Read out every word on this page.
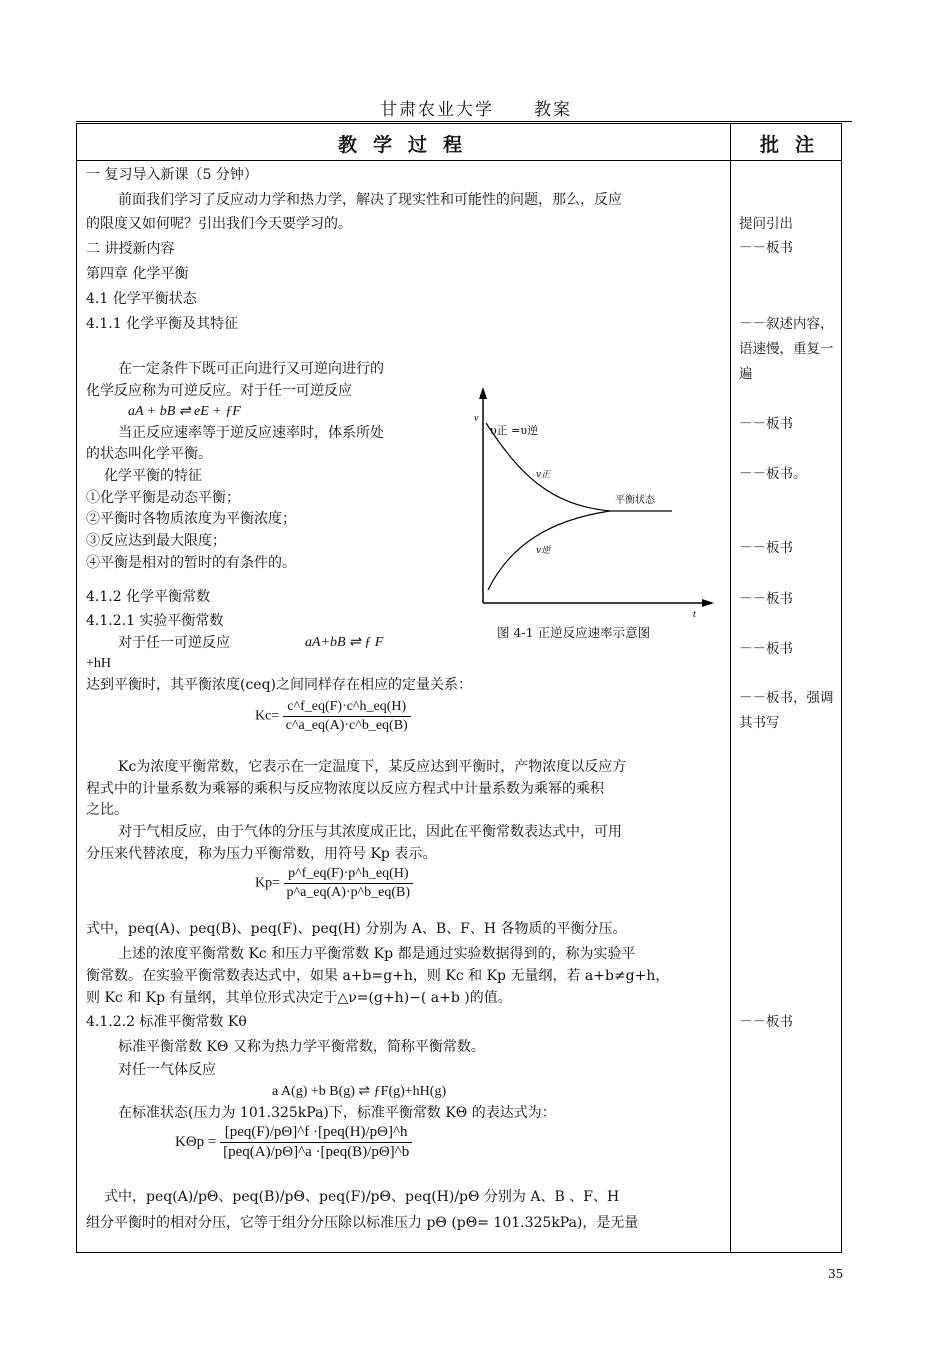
甘肃农业大学 教案
教学过程	批注
一 复习导入新课（5 分钟）
前面我们学习了反应动力学和热力学，解决了现实性和可能性的问题，那么，反应
的限度又如何呢？引出我们今天要学习的。
二 讲授新内容
第四章 化学平衡
4.1 化学平衡状态
4.1.1 化学平衡及其特征
在一定条件下既可正向进行又可逆向进行的
化学反应称为可逆反应。对于任一可逆反应
aA + bB ⇌ eE + ƒF
当正反应速率等于逆反应速率时，体系所处
的状态叫化学平衡。
化学平衡的特征
①化学平衡是动态平衡；
②平衡时各物质浓度为平衡浓度；
③反应达到最大限度；
④平衡是相对的暂时的有条件的。
4.1.2 化学平衡常数
4.1.2.1 实验平衡常数
对于任一可逆反应	aA+bB ⇌ ƒ F
+hH
达到平衡时，其平衡浓度(ceq)之间同样存在相应的定量关系：
$Kc= \frac{c\^{}f\_eq(F)\cdot c\^{}h\_eq(H)}{c\^{}a\_eq(A)\cdot c\^{}b\_eq(B)}$
Kc为浓度平衡常数，它表示在一定温度下，某反应达到平衡时，产物浓度以反应方
程式中的计量系数为乘幂的乘积与反应物浓度以反应方程式中计量系数为乘幂的乘积
之比。
对于气相反应，由于气体的分压与其浓度成正比，因此在平衡常数表达式中，可用
分压来代替浓度，称为压力平衡常数，用符号 Kp 表示。
$Kp= \frac{p\^{}f\_eq(F)\cdot p\^{}h\_eq(H)}{p\^{}a\_eq(A)\cdot p\^{}b\_eq(B)}$
式中，peq(A)、peq(B)、peq(F)、peq(H) 分别为 A、B、F、H 各物质的平衡分压。
上述的浓度平衡常数 Kc 和压力平衡常数 Kp 都是通过实验数据得到的，称为实验平
衡常数。在实验平衡常数表达式中，如果 a+b=g+h，则 Kc 和 Kp 无量纲，若 a+b≠g+h，
则 Kc 和 Kp 有量纲，其单位形式决定于△ν=(g+h)−( a+b )的值。
4.1.2.2 标准平衡常数 Kθ
标准平衡常数 KΘ 又称为热力学平衡常数，简称平衡常数。
对任一气体反应
a A(g) +b B(g) ⇌ ƒF(g)+hH(g)
在标准状态(压力为 101.325kPa)下，标准平衡常数 KΘ 的表达式为：
$K\Theta p = \frac{\text{[peq(F)/pΘ]\textasciicircum{}f ·[peq(H)/pΘ]\textasciicircum{}h}}{\text{[peq(A)/pΘ]\textasciicircum{}a ·[peq(B)/pΘ]\textasciicircum{}b}}$
式中，peq(A)/pΘ、peq(B)/pΘ、peq(F)/pΘ、peq(H)/pΘ 分别为 A、B 、F、H
组分平衡时的相对分压，它等于组分分压除以标准压力 pΘ (pΘ= 101.325kPa)，是无量
v
t
υ正 =υ逆
v正
平衡状态
v逆
图 4-1 正逆反应速率示意图
提问引出
－－板书
－－叙述内容，
语速慢，重复一
遍
－－板书
－－板书。
－－板书
－－板书
－－板书
－－板书，强调
其书写
－－板书
35
